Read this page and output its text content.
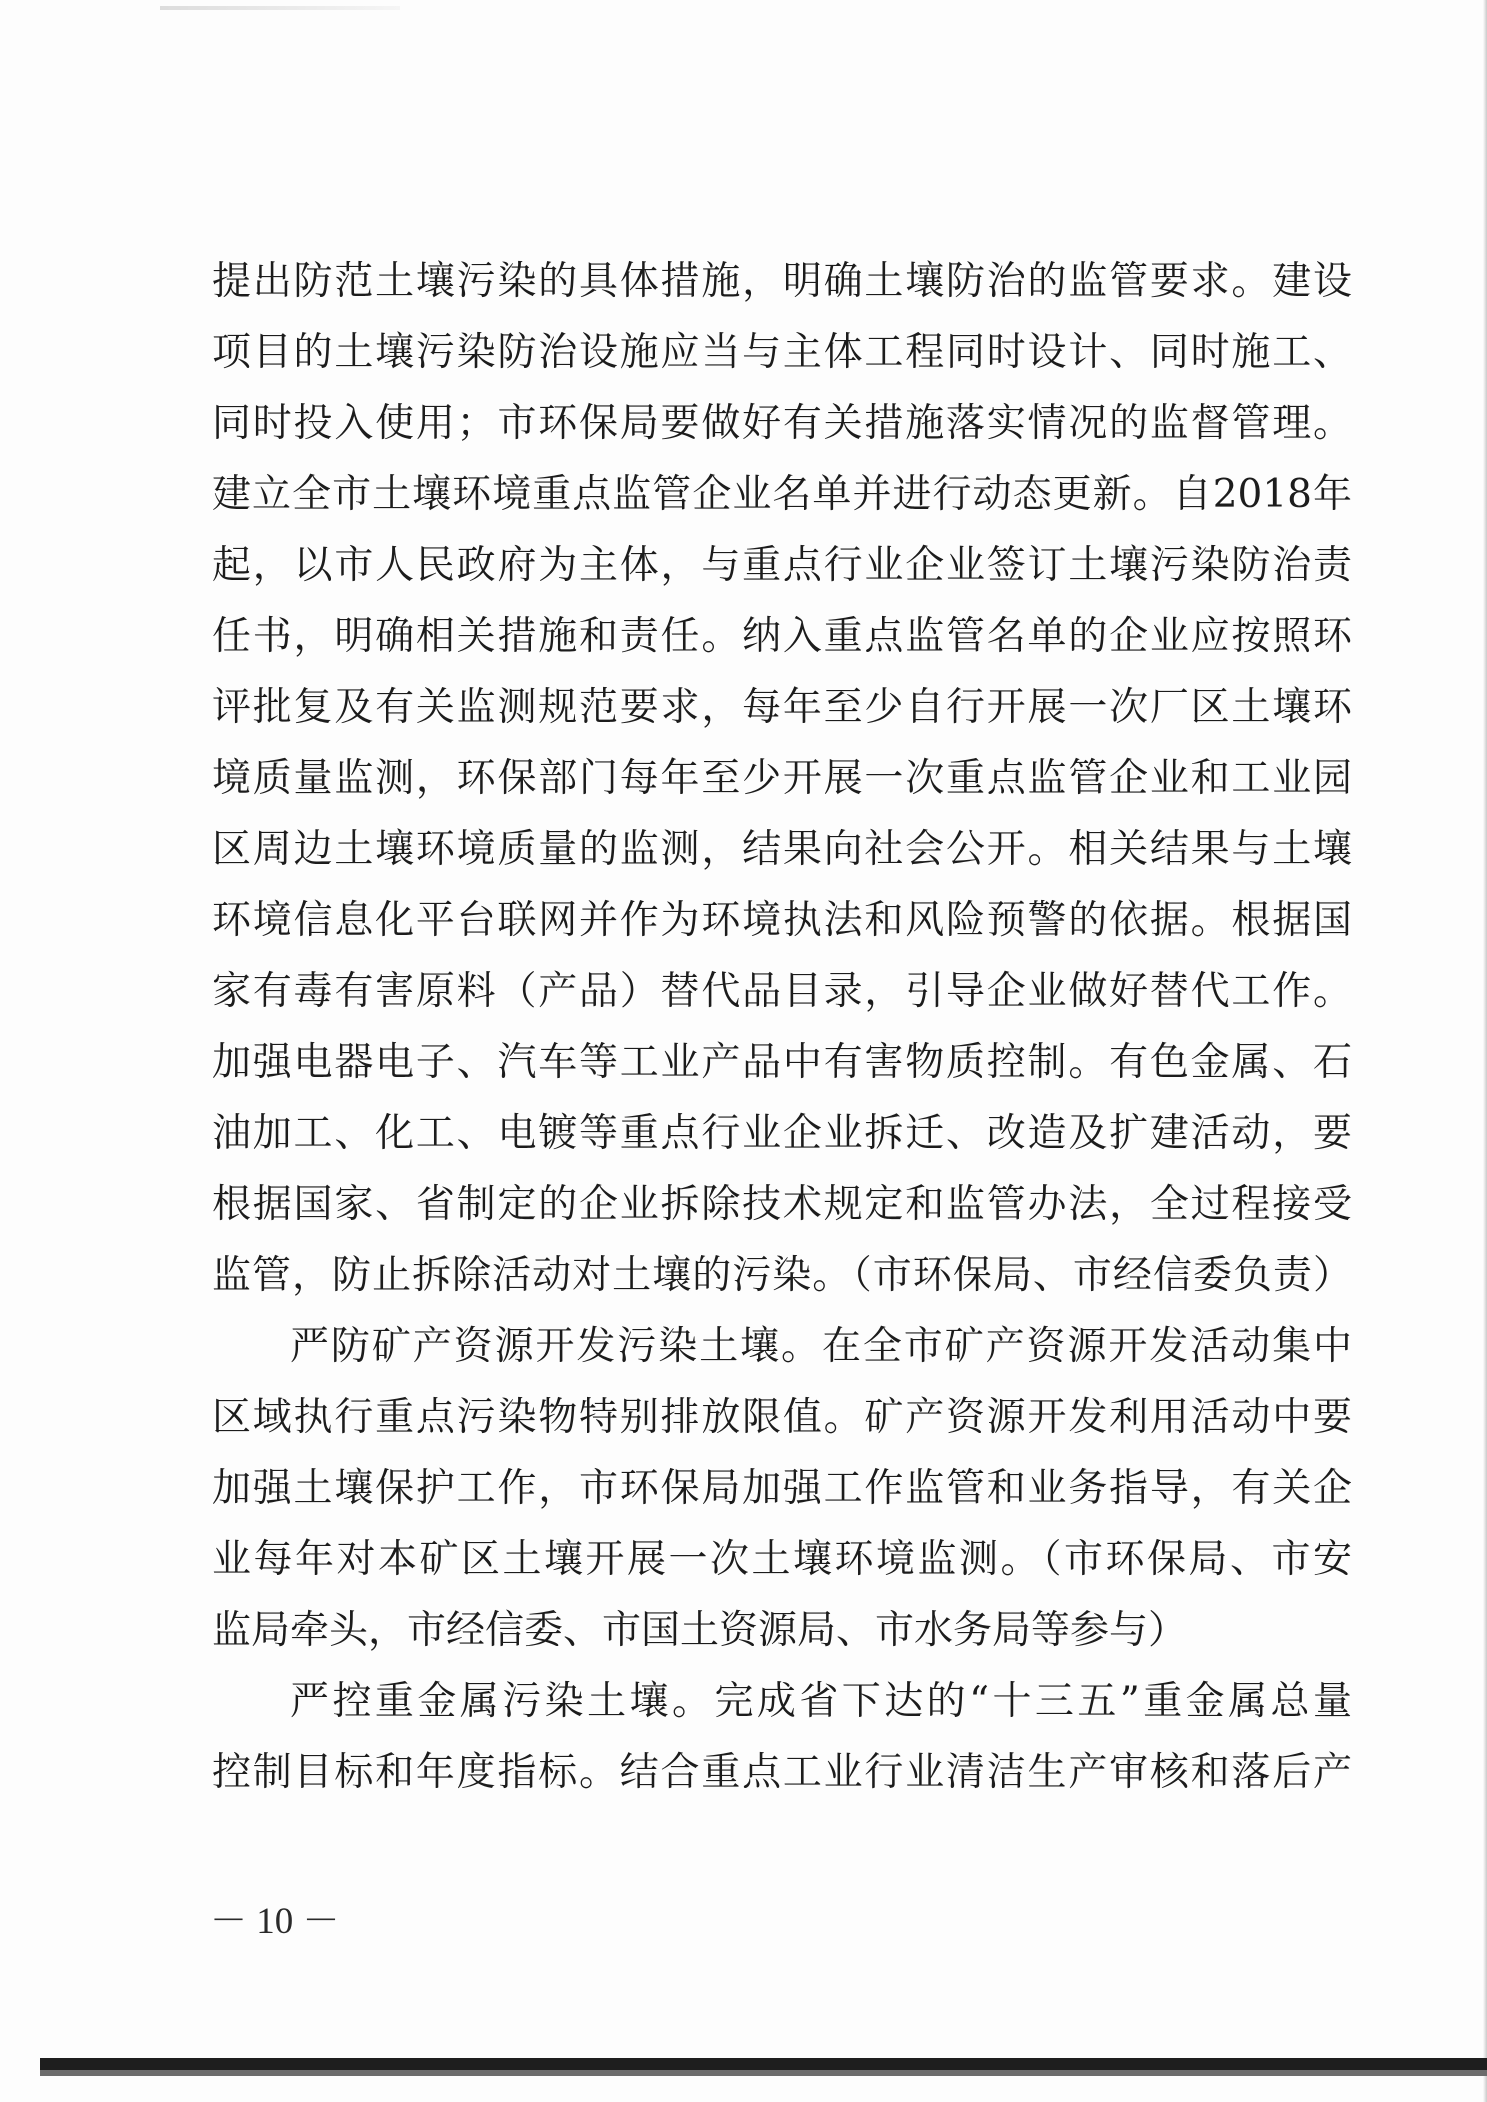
提出防范土壤污染的具体措施，明确土壤防治的监管要求。建设
项目的土壤污染防治设施应当与主体工程同时设计、同时施工、
同时投入使用；市环保局要做好有关措施落实情况的监督管理。
建立全市土壤环境重点监管企业名单并进行动态更新。自2018年
起，以市人民政府为主体，与重点行业企业签订土壤污染防治责
任书，明确相关措施和责任。纳入重点监管名单的企业应按照环
评批复及有关监测规范要求，每年至少自行开展一次厂区土壤环
境质量监测，环保部门每年至少开展一次重点监管企业和工业园
区周边土壤环境质量的监测，结果向社会公开。相关结果与土壤
环境信息化平台联网并作为环境执法和风险预警的依据。根据国
家有毒有害原料（产品）替代品目录，引导企业做好替代工作。
加强电器电子、汽车等工业产品中有害物质控制。有色金属、石
油加工、化工、电镀等重点行业企业拆迁、改造及扩建活动，要
根据国家、省制定的企业拆除技术规定和监管办法，全过程接受
监管，防止拆除活动对土壤的污染。（市环保局、市经信委负责）
严防矿产资源开发污染土壤。在全市矿产资源开发活动集中
区域执行重点污染物特别排放限值。矿产资源开发利用活动中要
加强土壤保护工作，市环保局加强工作监管和业务指导，有关企
业每年对本矿区土壤开展一次土壤环境监测。（市环保局、市安
监局牵头，市经信委、市国土资源局、市水务局等参与）
严控重金属污染土壤。完成省下达的“十三五”重金属总量
控制目标和年度指标。结合重点工业行业清洁生产审核和落后产
－ 10 －
